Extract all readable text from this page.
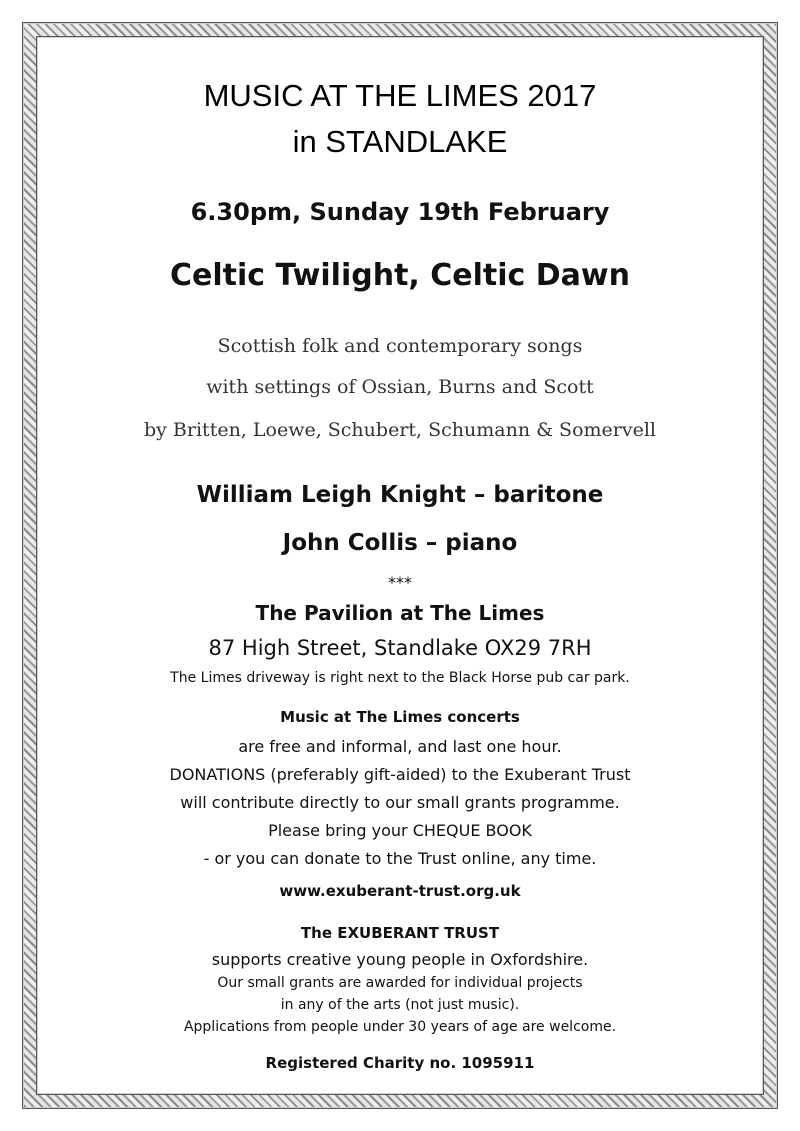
MUSIC AT THE LIMES 2017
in STANDLAKE
6.30pm, Sunday 19th February
Celtic Twilight, Celtic Dawn
Scottish folk and contemporary songs
with settings of Ossian, Burns and Scott
by Britten, Loewe, Schubert, Schumann & Somervell
William Leigh Knight – baritone
John Collis – piano
***
The Pavilion at The Limes
87 High Street, Standlake OX29 7RH
The Limes driveway is right next to the Black Horse pub car park.
Music at The Limes concerts
are free and informal, and last one hour.
DONATIONS (preferably gift-aided) to the Exuberant Trust
will contribute directly to our small grants programme.
Please bring your CHEQUE BOOK
- or you can donate to the Trust online, any time.
www.exuberant-trust.org.uk
The EXUBERANT TRUST
supports creative young people in Oxfordshire.
Our small grants are awarded for individual projects
in any of the arts (not just music).
Applications from people under 30 years of age are welcome.
Registered Charity no. 1095911
